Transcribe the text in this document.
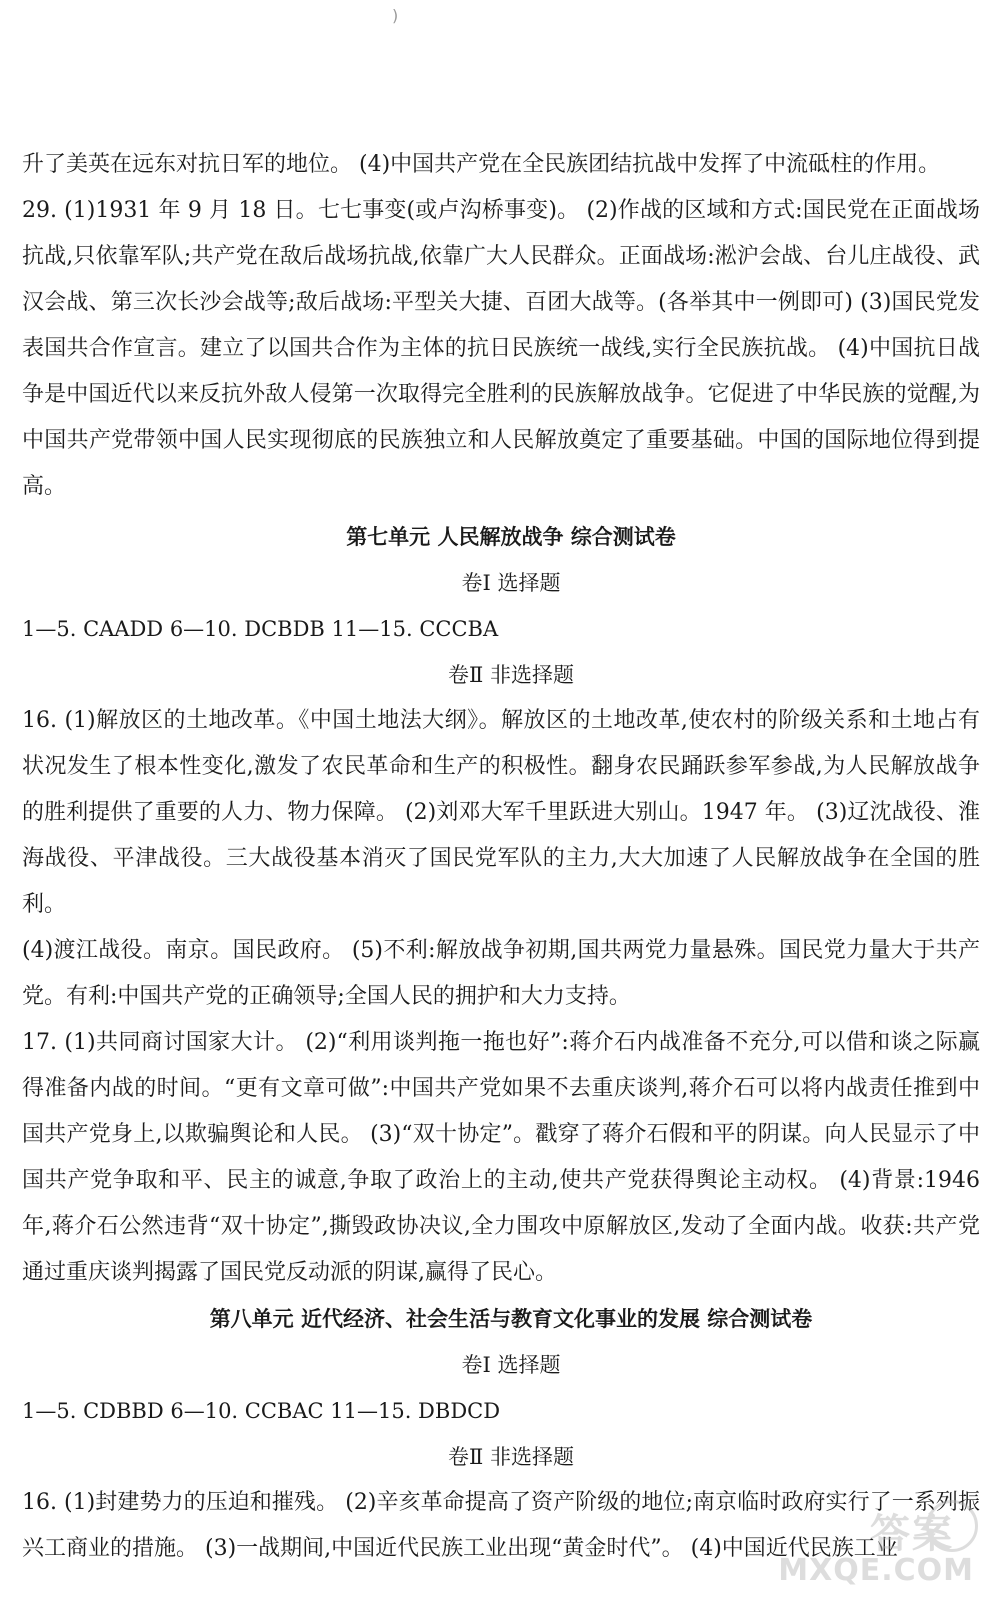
)

升了美英在远东对抗日军的地位。 (4)中国共产党在全民族团结抗战中发挥了中流砥柱的作用。

29. (1)1931 年 9 月 18 日。七七事变(或卢沟桥事变)。 (2)作战的区域和方式:国民党在正面战场抗战,只依靠军队;共产党在敌后战场抗战,依靠广大人民群众。正面战场:淞沪会战、台儿庄战役、武汉会战、第三次长沙会战等;敌后战场:平型关大捷、百团大战等。(各举其中一例即可) (3)国民党发表国共合作宣言。建立了以国共合作为主体的抗日民族统一战线,实行全民族抗战。 (4)中国抗日战争是中国近代以来反抗外敌人侵第一次取得完全胜利的民族解放战争。它促进了中华民族的觉醒,为中国共产党带领中国人民实现彻底的民族独立和人民解放奠定了重要基础。中国的国际地位得到提高。

第七单元 人民解放战争 综合测试卷

卷Ⅰ 选择题

1—5. CAADD 6—10. DCBDB 11—15. CCCBA

卷Ⅱ 非选择题

16. (1)解放区的土地改革。《中国土地法大纲》。解放区的土地改革,使农村的阶级关系和土地占有状况发生了根本性变化,激发了农民革命和生产的积极性。翻身农民踊跃参军参战,为人民解放战争的胜利提供了重要的人力、物力保障。 (2)刘邓大军千里跃进大别山。1947 年。 (3)辽沈战役、淮海战役、平津战役。三大战役基本消灭了国民党军队的主力,大大加速了人民解放战争在全国的胜利。

(4)渡江战役。南京。国民政府。 (5)不利:解放战争初期,国共两党力量悬殊。国民党力量大于共产党。有利:中国共产党的正确领导;全国人民的拥护和大力支持。

17. (1)共同商讨国家大计。 (2)“利用谈判拖一拖也好”:蒋介石内战准备不充分,可以借和谈之际赢得准备内战的时间。“更有文章可做”:中国共产党如果不去重庆谈判,蒋介石可以将内战责任推到中国共产党身上,以欺骗舆论和人民。 (3)“双十协定”。戳穿了蒋介石假和平的阴谋。向人民显示了中国共产党争取和平、民主的诚意,争取了政治上的主动,使共产党获得舆论主动权。 (4)背景:1946 年,蒋介石公然违背“双十协定”,撕毁政协决议,全力围攻中原解放区,发动了全面内战。收获:共产党通过重庆谈判揭露了国民党反动派的阴谋,赢得了民心。

第八单元 近代经济、社会生活与教育文化事业的发展 综合测试卷

卷Ⅰ 选择题

1—5. CDBBD 6—10. CCBAC 11—15. DBDCD

卷Ⅱ 非选择题

16. (1)封建势力的压迫和摧残。 (2)辛亥革命提高了资产阶级的地位;南京临时政府实行了一系列振兴工商业的措施。 (3)一战期间,中国近代民族工业出现“黄金时代”。 (4)中国近代民族工业

答案
MXQE.COM
